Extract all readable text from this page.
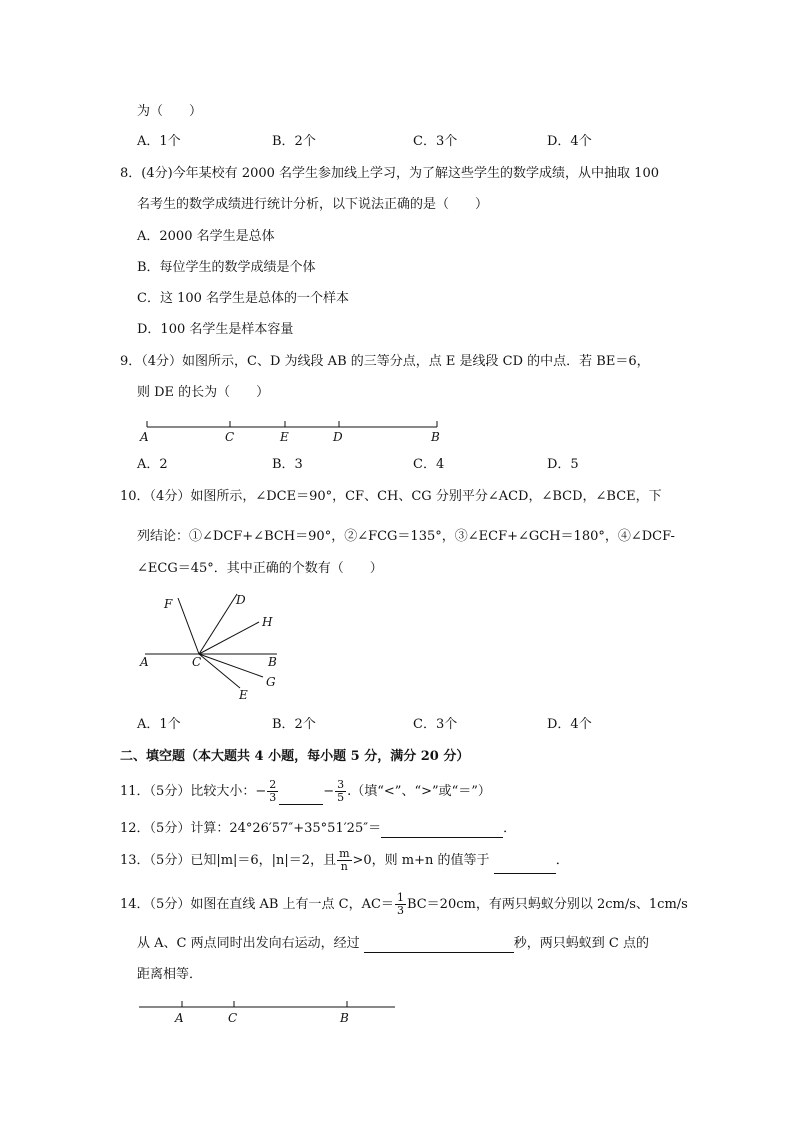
为（　　）
A．1个	B．2个	C．3个	D．4个
8．(4分)今年某校有 2000 名学生参加线上学习，为了解这些学生的数学成绩，从中抽取 100
名考生的数学成绩进行统计分析，以下说法正确的是（　　）
A．2000 名学生是总体
B．每位学生的数学成绩是个体
C．这 100 名学生是总体的一个样本
D．100 名学生是样本容量
9．（4分）如图所示，C、D 为线段 AB 的三等分点，点 E 是线段 CD 的中点．若 BE＝6，
则 DE 的长为（　　）
A	C	E	D	B
A．2	B．3	C．4	D．5
10．（4分）如图所示，∠DCE＝90°，CF、CH、CG 分别平分∠ACD，∠BCD，∠BCE，下
列结论：①∠DCF+∠BCH＝90°，②∠FCG＝135°，③∠ECF+∠GCH＝180°，④∠DCF-
∠ECG＝45°．其中正确的个数有（　　）
F	D
H
A	C	B
G
E
A．1个	B．2个	C．3个	D．4个
二、填空题（本大题共 4 小题，每小题 5 分，满分 20 分）
11．（5分）比较大小：− $\frac{2}{3}$	− $\frac{3}{5}$ .（填“<”、“>”或“＝”）
12．（5分）计算：24°26′57″+35°51′25″＝	．
13．（5分）已知|m|＝6，|n|＝2，且 $\frac{m}{n} >0$，则 m+n 的值等于	．
14．（5分）如图在直线 AB 上有一点 C，$AC= \frac{1}{3} BC=20cm$，有两只蚂蚁分别以 2cm/s、1cm/s
从 A、C 两点同时出发向右运动，经过	秒，两只蚂蚁到 C 点的
距离相等．
A	C	B
